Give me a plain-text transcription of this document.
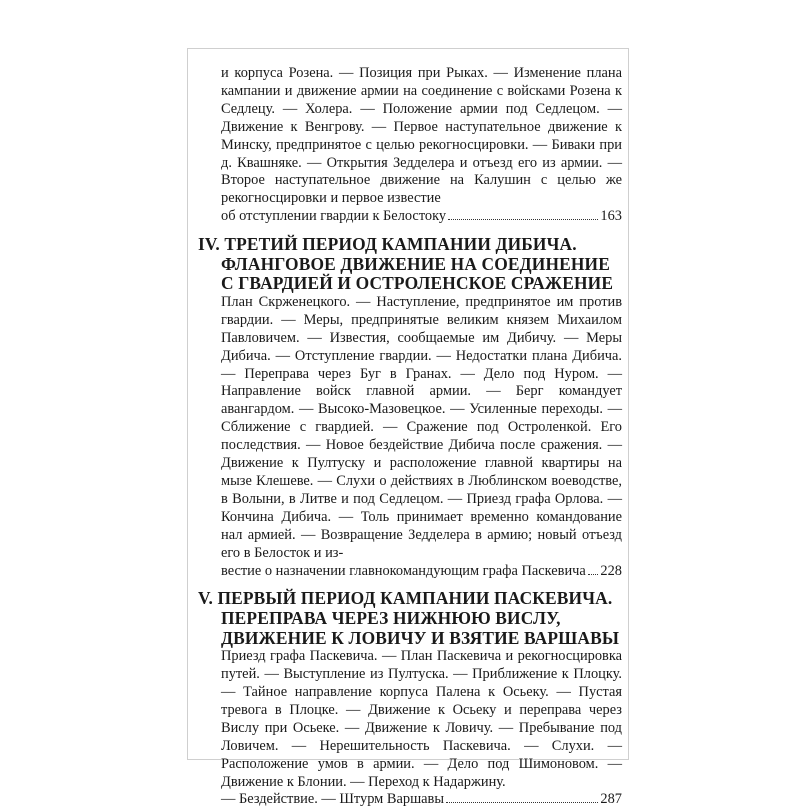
и корпуса Розена. — Позиция при Рыках. — Изменение плана кампании и движение армии на соединение с войсками Розена к Седлецу. — Холера. — Положение армии под Седлецом. — Движение к Венгрову. — Первое наступательное движение к Минску, предпринятое с целью рекогносцировки. — Биваки при д. Квашняке. — Открытия Зедделера и отъезд его из армии. — Второе наступательное движение на Калушин с целью же рекогносцировки и первое известие

об отступлении гвардии к Белостоку	163
IV. ТРЕТИЙ ПЕРИОД КАМПАНИИ ДИБИЧА.
ФЛАНГОВОЕ ДВИЖЕНИЕ НА СОЕДИНЕНИЕ
С ГВАРДИЕЙ И ОСТРОЛЕНСКОЕ СРАЖЕНИЕ

План Скрженецкого. — Наступление, предпринятое им против гвардии. — Меры, предпринятые великим князем Михаилом Павловичем. — Известия, сообщаемые им Дибичу. — Меры Дибича. — Отступление гвардии. — Недостатки плана Дибича. — Переправа через Буг в Гранах. — Дело под Нуром. — Направление войск главной армии. — Берг командует авангардом. — Высоко-Мазовецкое. — Усиленные переходы. — Сближение с гвардией. — Сражение под Остроленкой. Его последствия. — Новое бездействие Дибича после сражения. — Движение к Пултуску и расположение главной квартиры на мызе Клешеве. — Слухи о действиях в Люблинском воеводстве, в Волыни, в Литве и под Седлецом. — Приезд графа Орлова. — Кончина Дибича. — Толь принимает временно командование нал армией. — Возвращение Зедделера в армию; новый отъезд его в Белосток и из-

вестие о назначении главнокомандующим графа Паскевича 228
V. ПЕРВЫЙ ПЕРИОД КАМПАНИИ ПАСКЕВИЧА.
ПЕРЕПРАВА ЧЕРЕЗ НИЖНЮЮ ВИСЛУ,
ДВИЖЕНИЕ К ЛОВИЧУ И ВЗЯТИЕ ВАРШАВЫ

Приезд графа Паскевича. — План Паскевича и рекогносцировка путей. — Выступление из Пултуска. — Приближение к Плоцку. — Тайное направление корпуса Палена к Осьеку. — Пустая тревога в Плоцке. — Движение к Осьеку и переправа через Вислу при Осьеке. — Движение к Ловичу. — Пребывание под Ловичем. — Нерешительность Паскевича. — Слухи. — Расположение умов в армии. — Дело под Шимоновом. — Движение к Блонии. — Переход к Надаржину.

— Бездействие. — Штурм Варшавы	287
